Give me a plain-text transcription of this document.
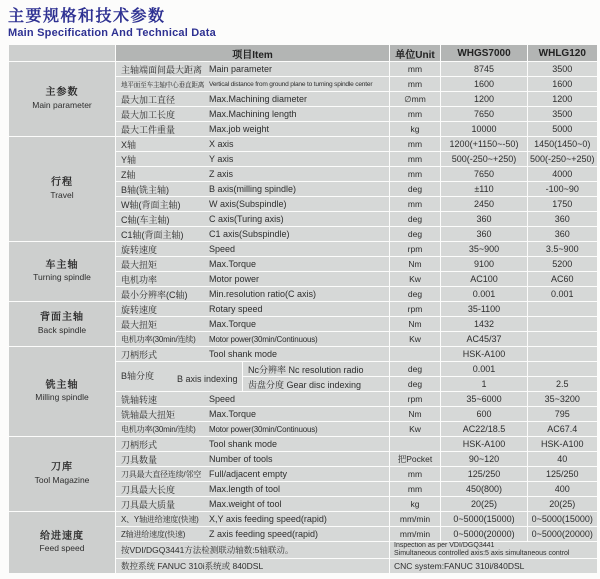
主要规格和技术参数
Main Specification And Technical Data
	项目Item		单位Unit	WHGS7000	WHLG120

主参数
Main parameter	主轴端面间最大距离 Main parameter		mm	8745	3500

	地平面至车主轴中心垂直距离 Vertical distance from ground plane to turning spindle center		mm	1600	1600

	最大加工直径 Max.Machining diameter		∅mm	1200	1200

	最大加工长度 Max.Machining length		mm	7650	3500

	最大工件重量 Max.job weight		kg	10000	5000

行程
Travel	X轴 X axis		mm	1200(+1150~-50)	1450(1450~0)

	Y轴 Y axis		mm	500(-250~+250)	500(-250~+250)

	Z轴 Z axis		mm	7650	4000

	B轴(铣主轴) B axis(milling spindle)		deg	±110	-100~90

	W轴(背面主轴) W axis(Subspindle)		mm	2450	1750

	C轴(车主轴) C axis(Turing axis)		deg	360	360

	C1轴(背面主轴) C1 axis(Subspindle)		deg	360	360

车主轴
Turning spindle	旋转速度 Speed		rpm	35~900	3.5~900

	最大扭矩 Max.Torque		Nm	9100	5200

	电机功率 Motor power		Kw	AC100	AC60

	最小分辨率(C轴) Min.resolution ratio(C axis)		deg	0.001	0.001

背面主轴
Back spindle	旋转速度 Rotary speed		rpm	35-1100	

	最大扭矩 Max.Torque		Nm	1432	

	电机功率(30min/连续) Motor power(30min/Continuous)		Kw	AC45/37	

铣主轴
Milling spindle	刀柄形式 Tool shank mode			HSK-A100	
	B轴分度 B axis indexing	Nc分辨率 Nc resolution radio	deg	0.001	
		齿盘分度 Gear disc indexing	deg	1	2.5

	铣轴转速 Speed		rpm	35~6000	35~3200

	铣轴最大扭矩 Max.Torque		Nm	600	795

	电机功率(30min/连续) Motor power(30min/Continuous)		Kw	AC22/18.5	AC67.4

刀库
Tool Magazine	刀柄形式 Tool shank mode			HSK-A100	HSK-A100

	刀具数量 Number of tools		把Pocket	90~120	40

	刀具最大直径连续/邻空 Full/adjacent empty		mm	125/250	125/250

	刀具最大长度 Max.length of tool		mm	450(800)	400

	刀具最大质量 Max.weight of tool		kg	20(25)	20(25)

给进速度
Feed speed	X、Y轴进给速度(快速) X,Y axis feeding speed(rapid)		mm/min	0~5000(15000)	0~5000(15000)

	Z轴进给速度(快速) Z axis feeding speed(rapid)		mm/min	0~5000(20000)	0~5000(20000)
	按VDI/DGQ3441方法检测联动轴数:5轴联动。		Inspection as per VDI/DGQ3441
Simultaneous controlled axis:5 axis simultaneous control		

	数控系统 FANUC 310i系统或 840DSL		CNC system:FANUC 310i/840DSL		
